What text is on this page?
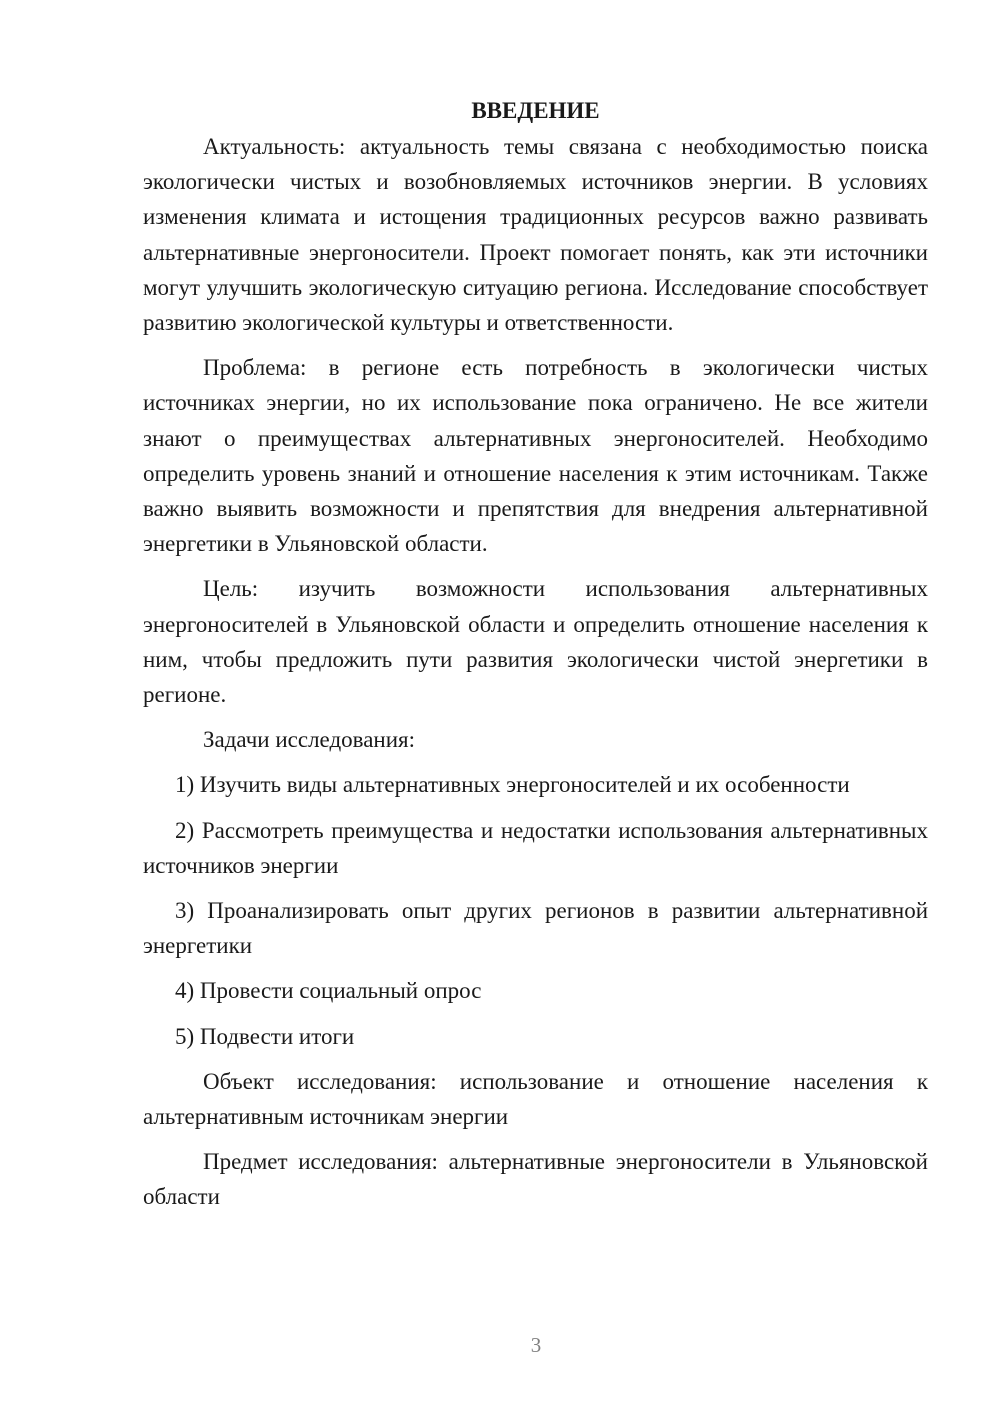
ВВЕДЕНИЕ

Актуальность: актуальность темы связана с необходимостью поиска экологически чистых и возобновляемых источников энергии. В условиях изменения климата и истощения традиционных ресурсов важно развивать альтернативные энергоносители. Проект помогает понять, как эти источники могут улучшить экологическую ситуацию региона. Исследование способствует развитию экологической культуры и ответственности.

Проблема: в регионе есть потребность в экологически чистых источниках энергии, но их использование пока ограничено. Не все жители знают о преимуществах альтернативных энергоносителей. Необходимо определить уровень знаний и отношение населения к этим источникам. Также важно выявить возможности и препятствия для внедрения альтернативной энергетики в Ульяновской области.

Цель: изучить возможности использования альтернативных энергоносителей в Ульяновской области и определить отношение населения к ним, чтобы предложить пути развития экологически чистой энергетики в регионе.

Задачи исследования:

1) Изучить виды альтернативных энергоносителей и их особенности

2) Рассмотреть преимущества и недостатки использования альтернативных источников энергии

3) Проанализировать опыт других регионов в развитии альтернативной энергетики

4) Провести социальный опрос

5) Подвести итоги

Объект исследования: использование и отношение населения к альтернативным источникам энергии

Предмет исследования: альтернативные энергоносители в Ульяновской области

3
